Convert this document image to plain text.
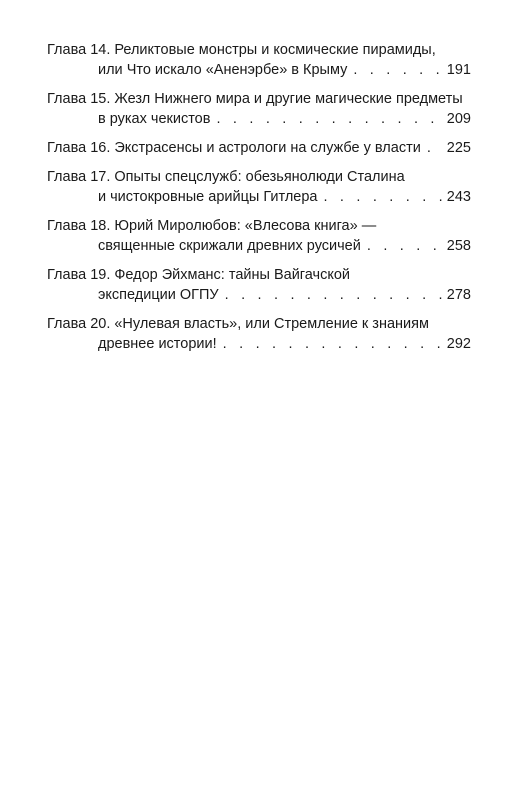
Глава 14. Реликтовые монстры и космические пирамиды,
или Что искало «Аненэрбе» в Крыму . . .	191
Глава 15. Жезл Нижнего мира и другие магические предметы
в руках чекистов . . .	209
Глава 16. Экстрасенсы и астрологи на службе у власти . . . 225
Глава 17. Опыты спецслужб: обезьянолюди Сталина
и чистокровные арийцы Гитлера . . .	243
Глава 18. Юрий Миролюбов: «Влесова книга» —
священные скрижали древних русичей . . .	258
Глава 19. Федор Эйхманс: тайны Вайгачской
экспедиции ОГПУ . . .	278
Глава 20. «Нулевая власть», или Стремление к знаниям
древнее истории! . . .	292
